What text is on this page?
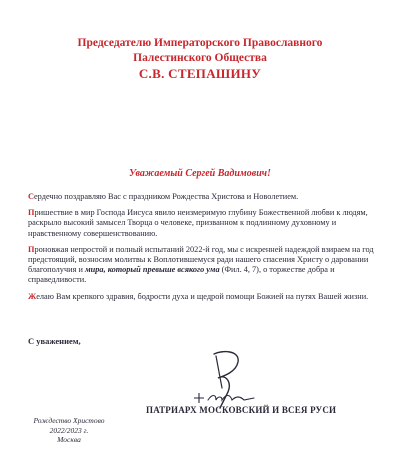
Председателю Императорского Православного
Палестинского Общества
С.В. СТЕПАШИНУ
Уважаемый Сергей Вадимович!

Сердечно поздравляю Вас с праздником Рождества Христова и Новолетием.

Пришествие в мир Господа Иисуса явило неизмеримую глубину Божественной любви к людям, раскрыло высокий замысел Творца о человеке, призванном к подлинному духовному и нравственному совершенствованию.

Проновжая непростой и полный испытаний 2022-й год, мы с искренней надеждой взираем на год предстоящий, возносим молитвы к Воплотившемуся ради нашего спасения Христу о даровании благополучия и мира, который превыше всякого ума (Фил. 4, 7), о торжестве добра и справедливости.

Желаю Вам крепкого здравия, бодрости духа и щедрой помощи Божией на путях Вашей жизни.

С уважением,
ПАТРИАРХ МОСКОВСКИЙ И ВСЕЯ РУСИ
Рождество Христово
2022/2023 г.
Москва
